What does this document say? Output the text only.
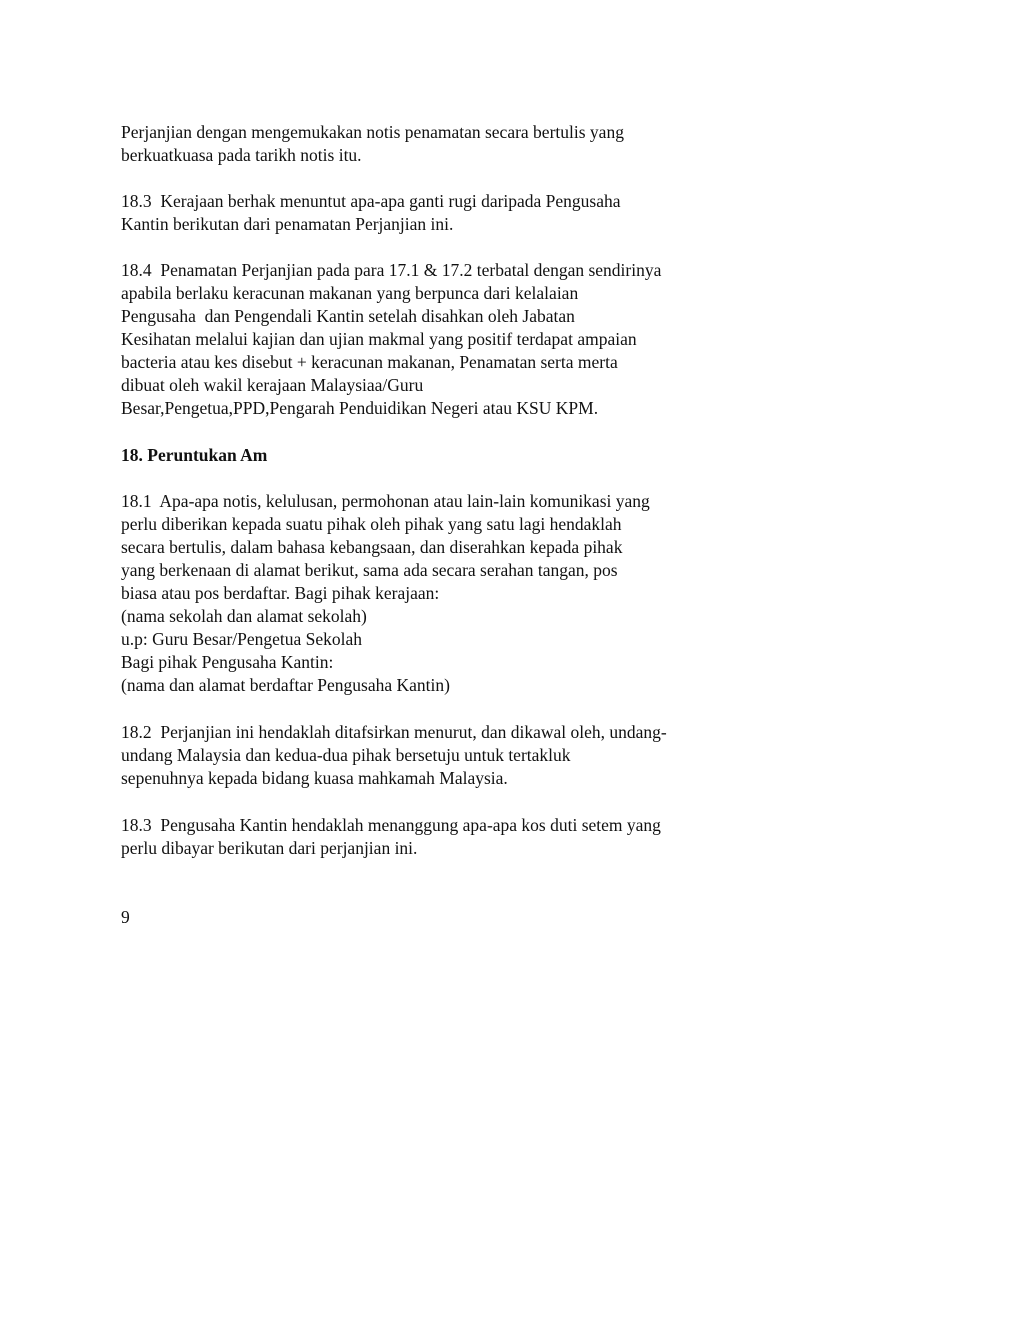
Perjanjian dengan mengemukakan notis penamatan secara bertulis yang
berkuatkuasa pada tarikh notis itu.
18.3  Kerajaan berhak menuntut apa-apa ganti rugi daripada Pengusaha
Kantin berikutan dari penamatan Perjanjian ini.
18.4  Penamatan Perjanjian pada para 17.1 & 17.2 terbatal dengan sendirinya
apabila berlaku keracunan makanan yang berpunca dari kelalaian
Pengusaha  dan Pengendali Kantin setelah disahkan oleh Jabatan
Kesihatan melalui kajian dan ujian makmal yang positif terdapat ampaian
bacteria atau kes disebut + keracunan makanan, Penamatan serta merta
dibuat oleh wakil kerajaan Malaysiaa/Guru
Besar,Pengetua,PPD,Pengarah Penduidikan Negeri atau KSU KPM.
18. Peruntukan Am
18.1  Apa-apa notis, kelulusan, permohonan atau lain-lain komunikasi yang
perlu diberikan kepada suatu pihak oleh pihak yang satu lagi hendaklah
secara bertulis, dalam bahasa kebangsaan, dan diserahkan kepada pihak
yang berkenaan di alamat berikut, sama ada secara serahan tangan, pos
biasa atau pos berdaftar. Bagi pihak kerajaan:
(nama sekolah dan alamat sekolah)
u.p: Guru Besar/Pengetua Sekolah
Bagi pihak Pengusaha Kantin:
(nama dan alamat berdaftar Pengusaha Kantin)
18.2  Perjanjian ini hendaklah ditafsirkan menurut, dan dikawal oleh, undang-
undang Malaysia dan kedua-dua pihak bersetuju untuk tertakluk
sepenuhnya kepada bidang kuasa mahkamah Malaysia.
18.3  Pengusaha Kantin hendaklah menanggung apa-apa kos duti setem yang
perlu dibayar berikutan dari perjanjian ini.
9
